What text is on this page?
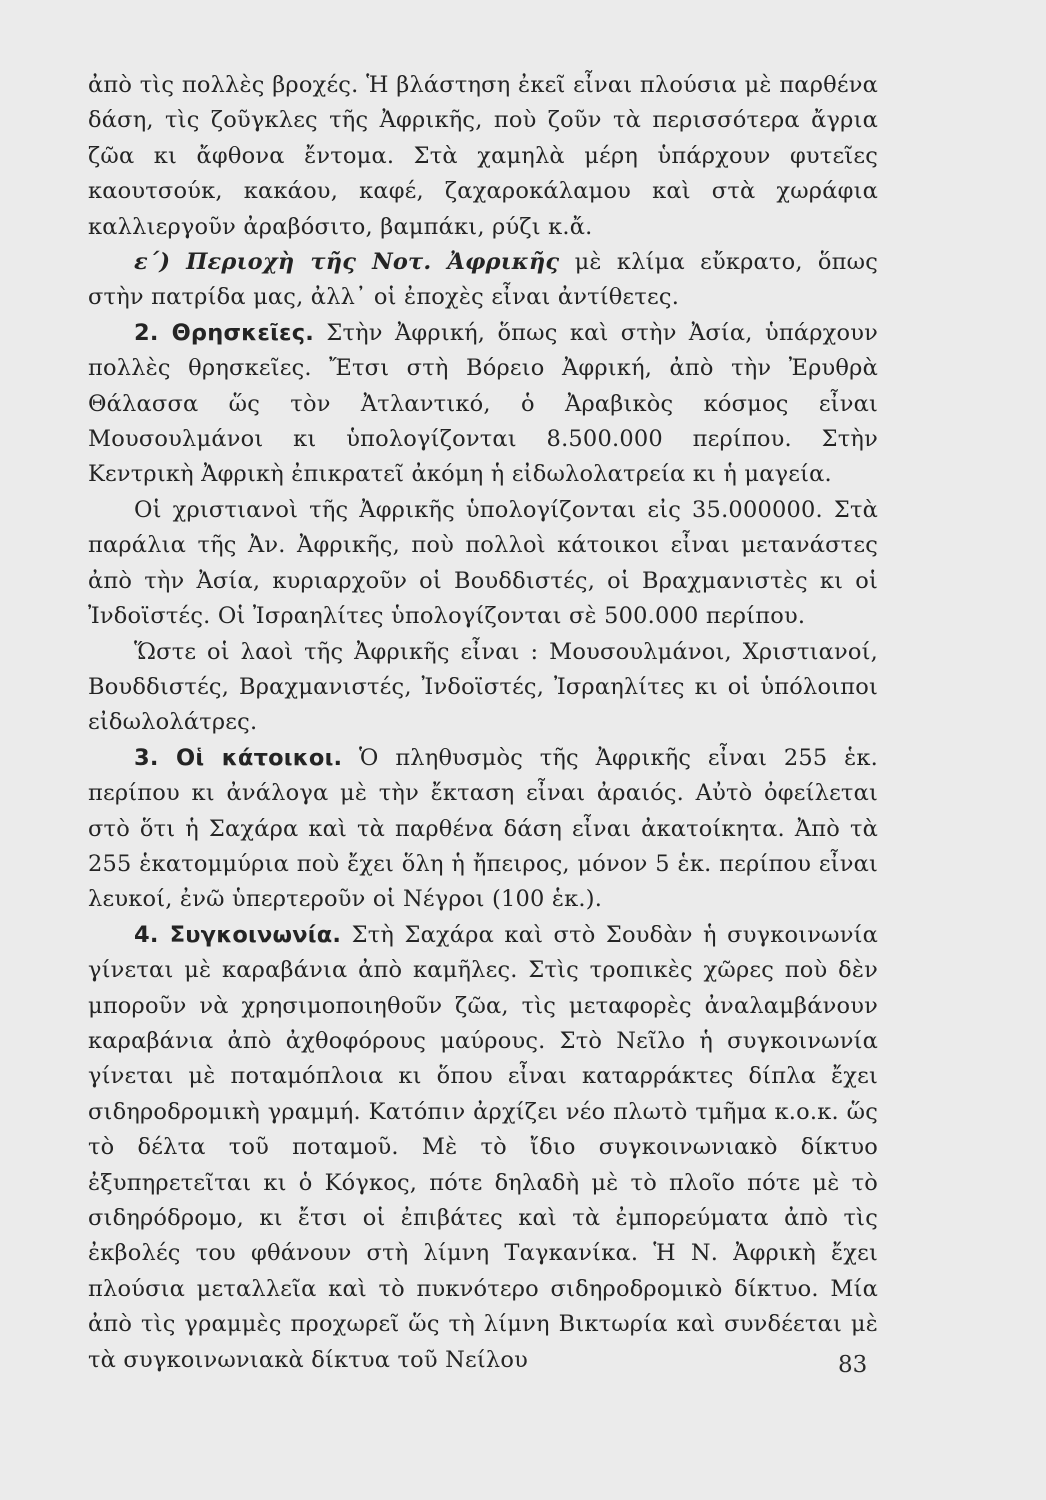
ἀπὸ τὶς πολλὲς βροχές. Ἡ βλάστηση ἐκεῖ εἶναι πλούσια μὲ παρθένα δάση, τὶς ζοῦγκλες τῆς Ἀφρικῆς, ποὺ ζοῦν τὰ περισσότερα ἄγρια ζῶα κι ἄφθονα ἔντομα. Στὰ χαμηλὰ μέρη ὑπάρχουν φυτεῖες καουτσούκ, κακάου, καφέ, ζαχαροκάλαμου καὶ στὰ χωράφια καλλιεργοῦν ἀραβόσιτο, βαμπάκι, ρύζι κ.ἄ.

ε´) Περιοχὴ τῆς Νοτ. Ἀφρικῆς μὲ κλίμα εὔκρατο, ὅπως στὴν πατρίδα μας, ἀλλ᾽ οἱ ἐποχὲς εἶναι ἀντίθετες.

2. Θρησκεῖες. Στὴν Ἀφρική, ὅπως καὶ στὴν Ἀσία, ὑπάρχουν πολλὲς θρησκεῖες. Ἔτσι στὴ Βόρειο Ἀφρική, ἀπὸ τὴν Ἐρυθρὰ Θάλασσα ὥς τὸν Ἀτλαντικό, ὁ Ἀραβικὸς κόσμος εἶναι Μουσουλμάνοι κι ὑπολογίζονται 8.500.000 περίπου. Στὴν Κεντρικὴ Ἀφρικὴ ἐπικρατεῖ ἀκόμη ἡ εἰδωλολατρεία κι ἡ μαγεία.

Οἱ χριστιανοὶ τῆς Ἀφρικῆς ὑπολογίζονται εἰς 35.000000. Στὰ παράλια τῆς Ἀν. Ἀφρικῆς, ποὺ πολλοὶ κάτοικοι εἶναι μετανάστες ἀπὸ τὴν Ἀσία, κυριαρχοῦν οἱ Βουδδιστές, οἱ Βραχμανιστὲς κι οἱ Ἰνδοϊστές. Οἱ Ἰσραηλίτες ὑπολογίζονται σὲ 500.000 περίπου.

Ὥστε οἱ λαοὶ τῆς Ἀφρικῆς εἶναι : Μουσουλμάνοι, Χριστιανοί, Βουδδιστές, Βραχμανιστές, Ἰνδοϊστές, Ἰσραηλίτες κι οἱ ὑπόλοιποι εἰδωλολάτρες.

3. Οἱ κάτοικοι. Ὁ πληθυσμὸς τῆς Ἀφρικῆς εἶναι 255 ἑκ. περίπου κι ἀνάλογα μὲ τὴν ἔκταση εἶναι ἀραιός. Αὐτὸ ὀφείλεται στὸ ὅτι ἡ Σαχάρα καὶ τὰ παρθένα δάση εἶναι ἀκατοίκητα. Ἀπὸ τὰ 255 ἑκατομμύρια ποὺ ἔχει ὅλη ἡ ἤπειρος, μόνον 5 ἑκ. περίπου εἶναι λευκοί, ἐνῶ ὑπερτεροῦν οἱ Νέγροι (100 ἑκ.).

4. Συγκοινωνία. Στὴ Σαχάρα καὶ στὸ Σουδὰν ἡ συγκοινωνία γίνεται μὲ καραβάνια ἀπὸ καμῆλες. Στὶς τροπικὲς χῶρες ποὺ δὲν μποροῦν νὰ χρησιμοποιηθοῦν ζῶα, τὶς μεταφορὲς ἀναλαμβάνουν καραβάνια ἀπὸ ἀχθοφόρους μαύρους. Στὸ Νεῖλο ἡ συγκοινωνία γίνεται μὲ ποταμόπλοια κι ὅπου εἶναι καταρράκτες δίπλα ἔχει σιδηροδρομικὴ γραμμή. Κατόπιν ἀρχίζει νέο πλωτὸ τμῆμα κ.ο.κ. ὥς τὸ δέλτα τοῦ ποταμοῦ. Μὲ τὸ ἴδιο συγκοινωνιακὸ δίκτυο ἐξυπηρετεῖται κι ὁ Κόγκος, πότε δηλαδὴ μὲ τὸ πλοῖο πότε μὲ τὸ σιδηρόδρομο, κι ἔτσι οἱ ἐπιβάτες καὶ τὰ ἐμπορεύματα ἀπὸ τὶς ἐκβολές του φθάνουν στὴ λίμνη Ταγκανίκα. Ἡ Ν. Ἀφρικὴ ἔχει πλούσια μεταλλεῖα καὶ τὸ πυκνότερο σιδηροδρομικὸ δίκτυο. Μία ἀπὸ τὶς γραμμὲς προχωρεῖ ὥς τὴ λίμνη Βικτωρία καὶ συνδέεται μὲ τὰ συγκοινωνιακὰ δίκτυα τοῦ Νείλου	83
